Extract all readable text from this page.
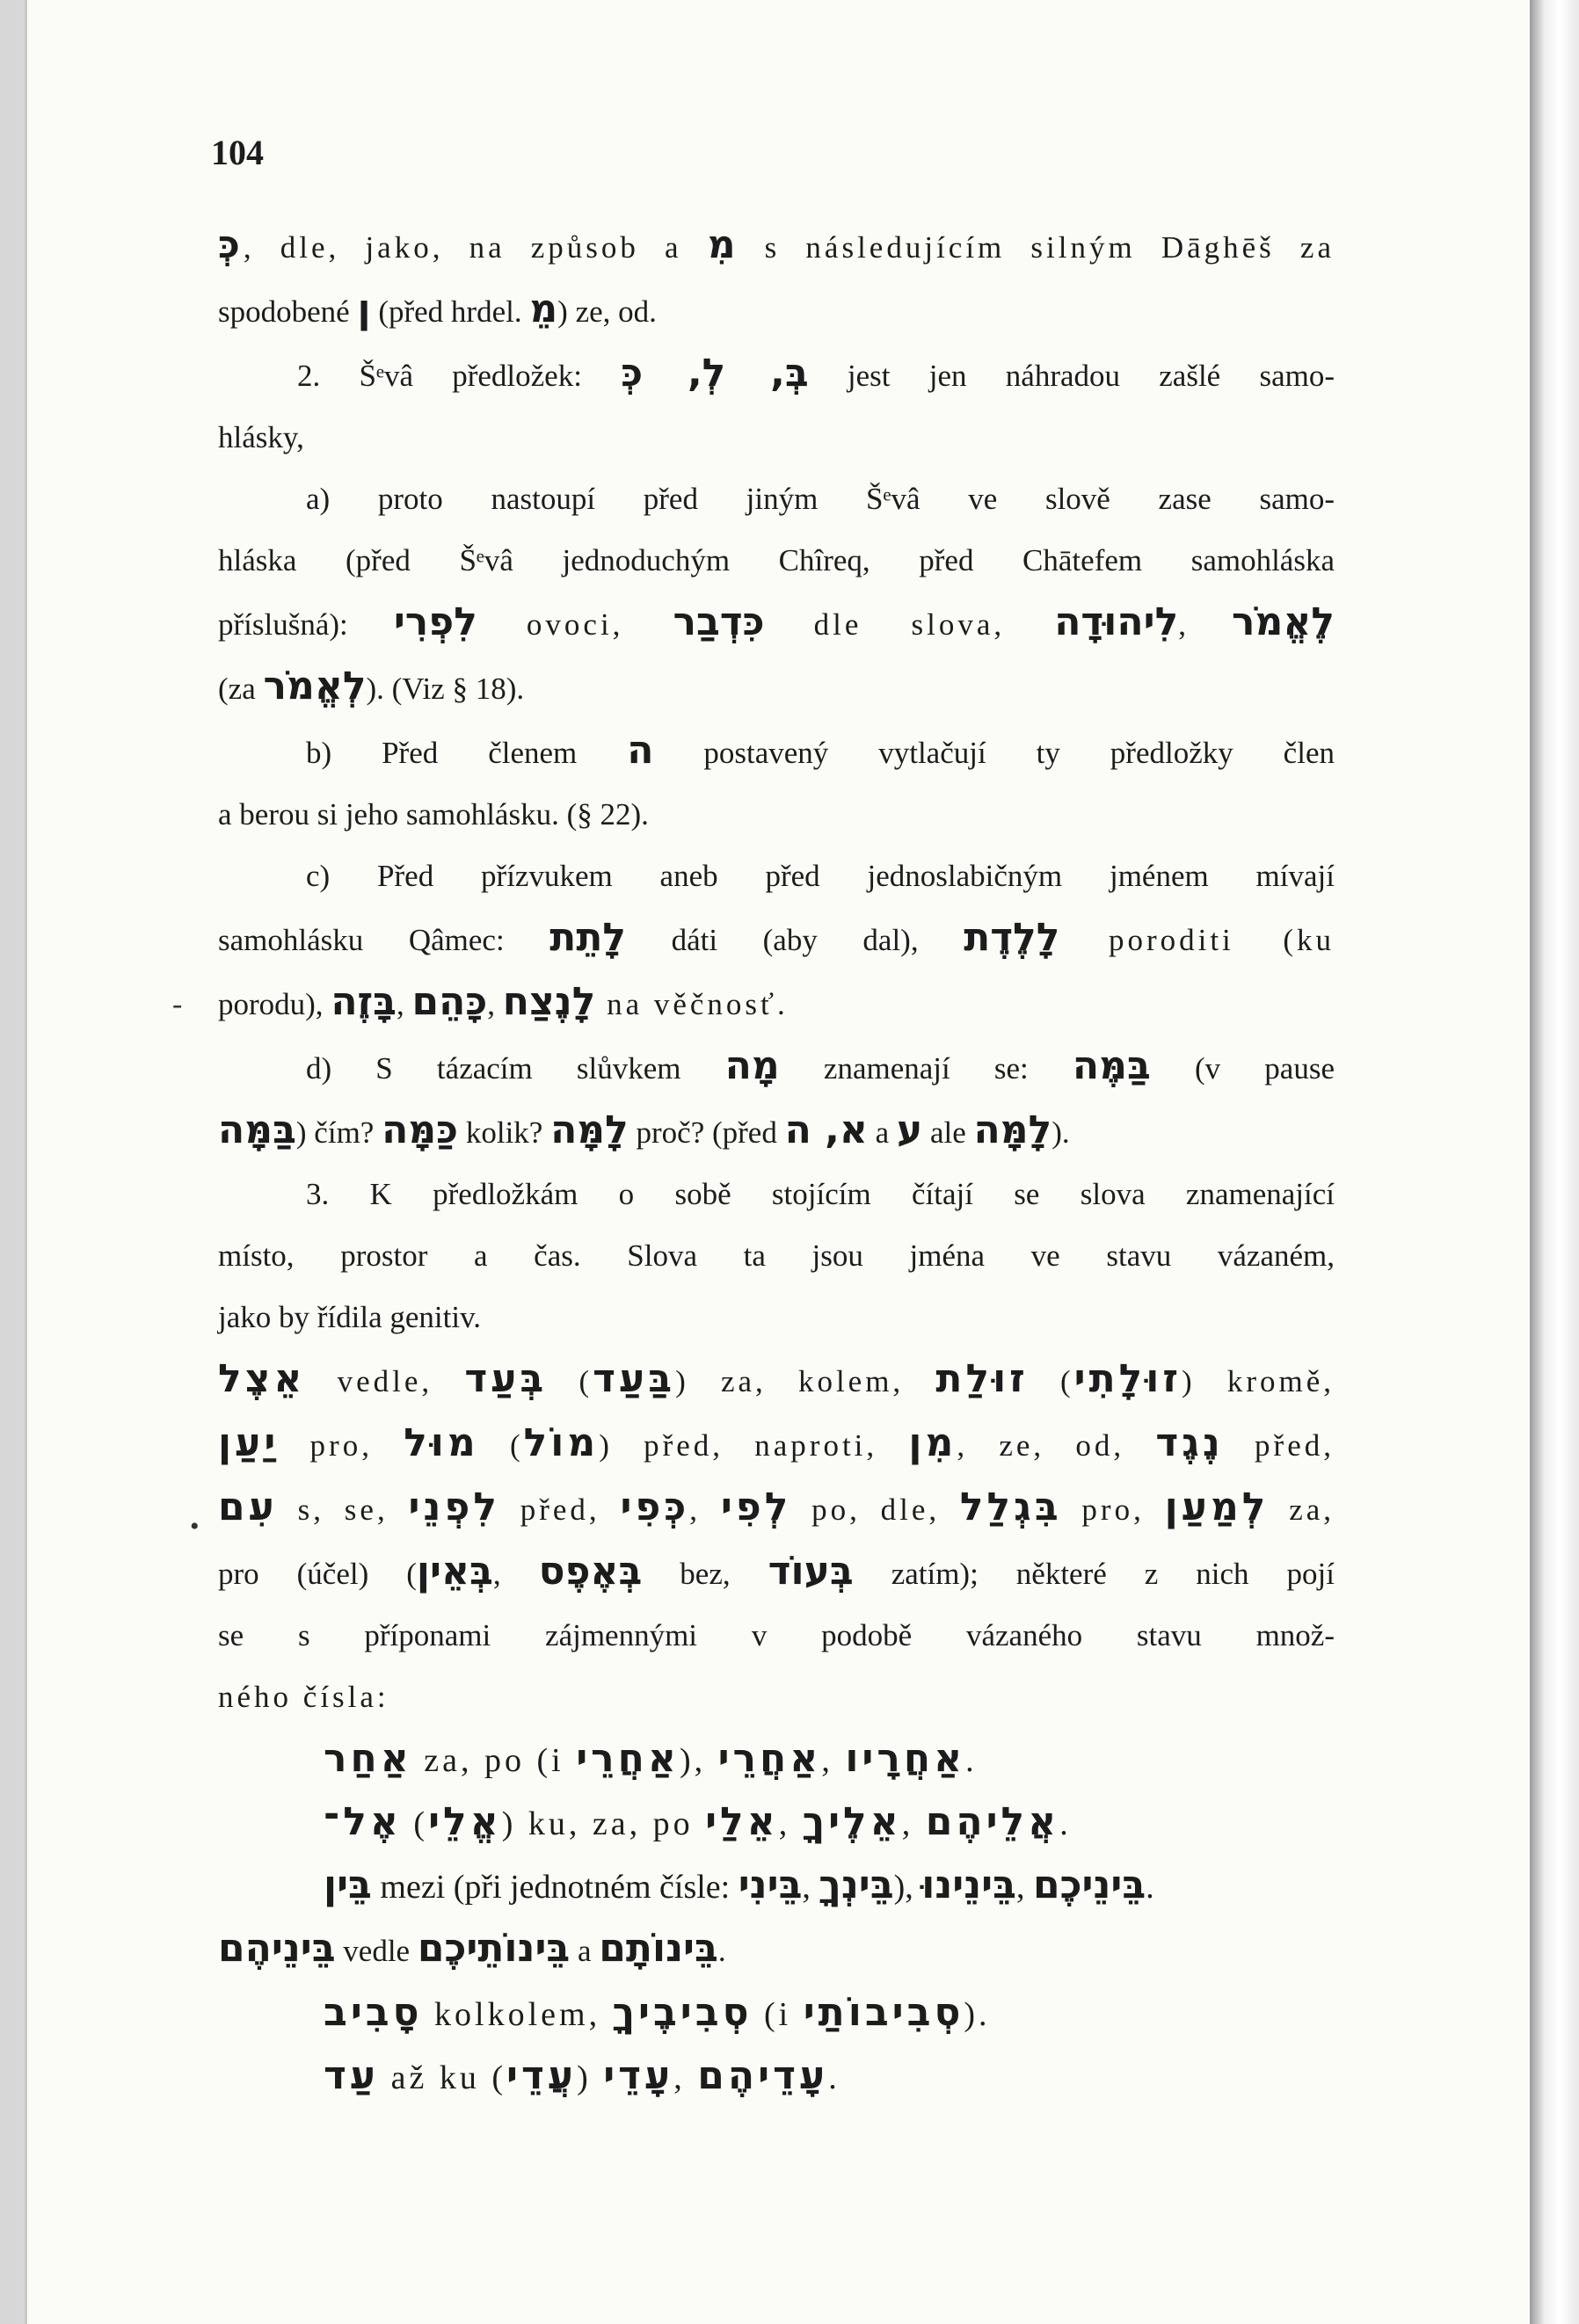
104
-
•
כְּ, dle, jako, na způsob a מִ s následujícím silným Dāghēš za
spodobené ן (před hrdel. מֵ) ze, od.
2. Šᵉvâ předložek: בְּ, לְ, כְּ jest jen náhradou zašlé samo-
hlásky,
a) proto nastoupí před jiným Šᵉvâ ve slově zase samo-
hláska (před Šᵉvâ jednoduchým Chîreq, před Chātefem samohláska
příslušná): לִפְרִי ovoci, כִּדְבַר dle slova, לִיהוּדָה, לֶאֱמֹר
(za לְאֱמֹר). (Viz § 18).
b) Před členem ה postavený vytlačují ty předložky člen
a berou si jeho samohlásku. (§ 22).
c) Před přízvukem aneb před jednoslabičným jménem mívají
samohlásku Qâmec: לָתֵת dáti (aby dal), לָלֶדֶת poroditi (ku
porodu), בָּזֶה, כָּהֵם, לָנֶצַח na věčnosť.
d) S tázacím slůvkem מָה znamenají se: בַּמֶּה (v pause
בַּמָּה) čím? כַּמָּה kolik? לָמָּה proč? (před א, ה a ע ale לָמָּה).
3. K předložkám o sobě stojícím čítají se slova znamenající
místo, prostor a čas. Slova ta jsou jména ve stavu vázaném,
jako by řídila genitiv.
אֵצֶל vedle, בְּעַד (בַּעַד) za, kolem, זוּלַת (זוּלָתִי) kromě,
יַעַן pro, מוּל (מוֹל) před, naproti, מִן, ze, od, נֶגֶד před,
עִם s, se, לִפְנֵי před, כְּפִי, לְפִי po, dle, בִּגְלַל pro, לְמַעַן za,
pro (účel) (בְּאֵין, בְּאֶפֶס bez, בְּעוֹד zatím); některé z nich pojí
se s příponami zájmennými v podobě vázaného stavu množ-
ného čísla:
אַחַר za, po (i אַחֲרֵי), אַחֲרֵי, אַחֲרָיו.
אֶל־ (אֱלֵי) ku, za, po אֵלַי, אֵלֶיךָ, אֲלֵיהֶם.
בֵּין mezi (při jednotném čísle: בֵּינִי, בֵּינְךָ), בֵּינֵינוּ, בֵּינֵיכֶם.
בֵּינֵיהֶם vedle בֵּינוֹתֵיכֶם a בֵּינוֹתָם.
סָבִיב kolkolem, סְבִיבֶיךָ (i סְבִיבוֹתַי).
עַד až ku (עֲדֵי) עָדֵי, עָדֵיהֶם.
